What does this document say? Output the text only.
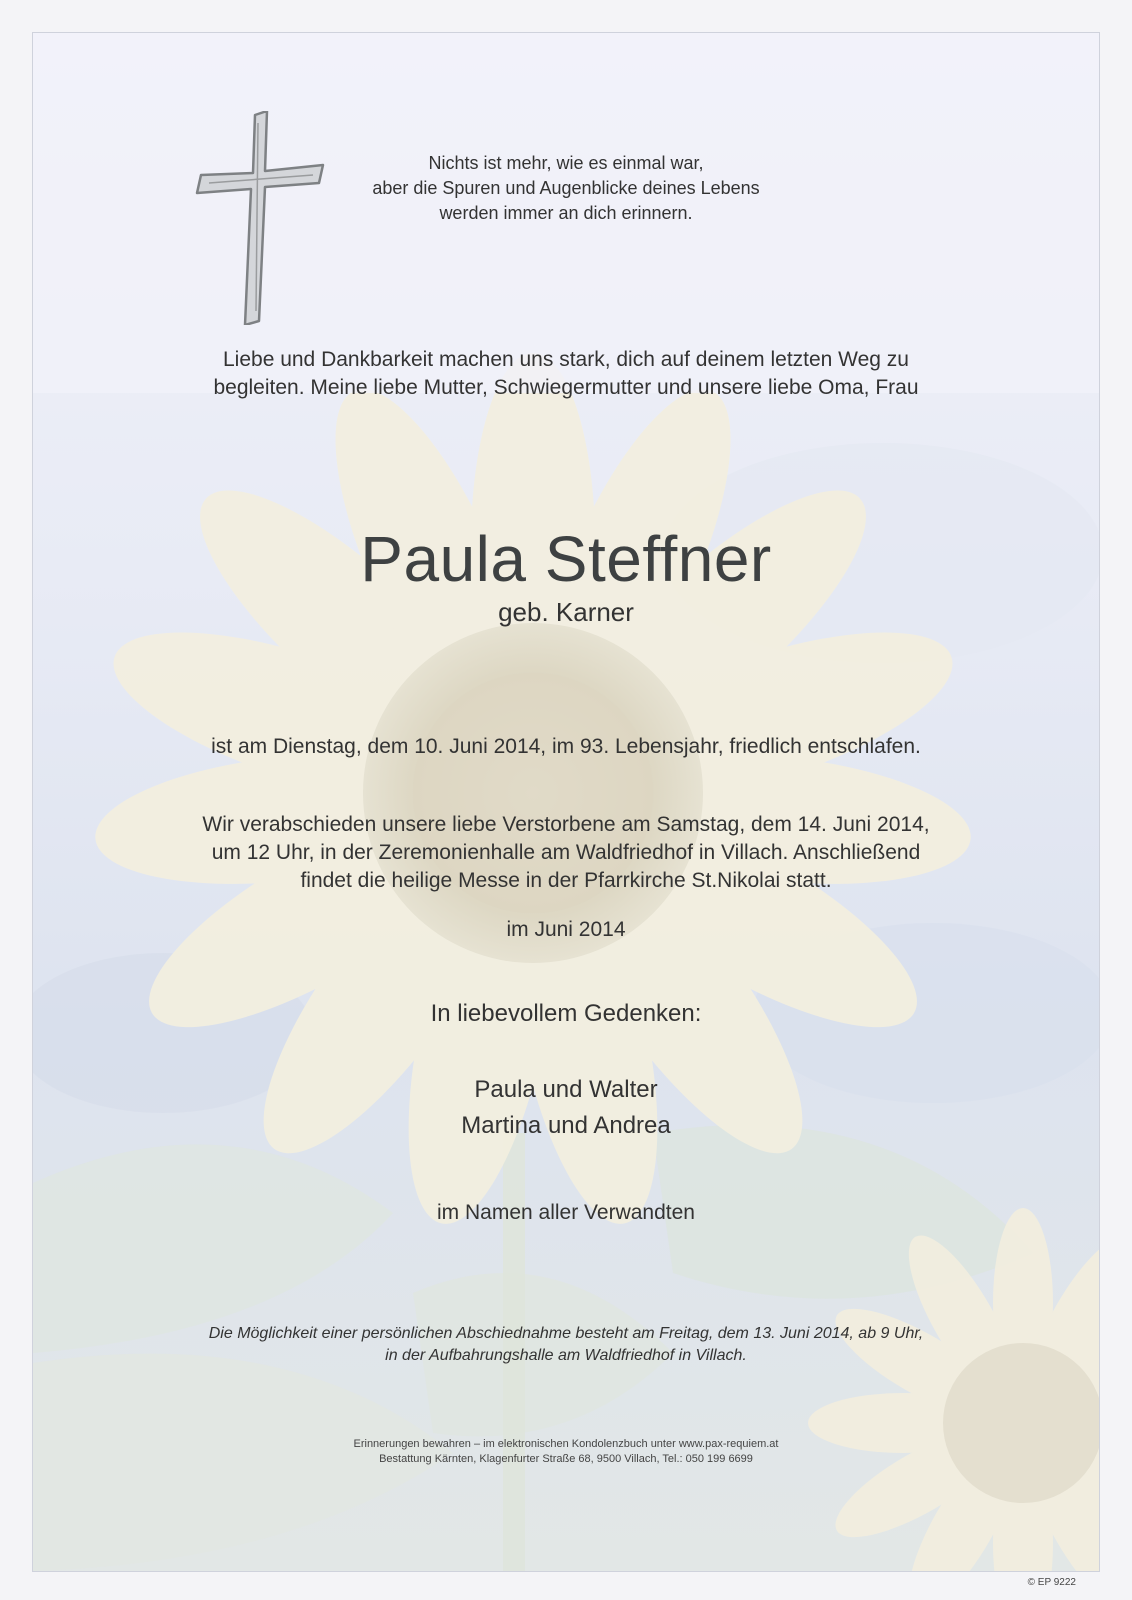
Nichts ist mehr, wie es einmal war,
aber die Spuren und Augenblicke deines Lebens
werden immer an dich erinnern.
Liebe und Dankbarkeit machen uns stark, dich auf deinem letzten Weg zu
begleiten. Meine liebe Mutter, Schwiegermutter und unsere liebe Oma, Frau
Paula Steffner
geb. Karner
ist am Dienstag, dem 10. Juni 2014, im 93. Lebensjahr, friedlich entschlafen.
Wir verabschieden unsere liebe Verstorbene am Samstag, dem 14. Juni 2014,
um 12 Uhr, in der Zeremonienhalle am Waldfriedhof in Villach. Anschließend
findet die heilige Messe in der Pfarrkirche St.Nikolai statt.
im Juni 2014
In liebevollem Gedenken:
Paula und Walter
Martina und Andrea
im Namen aller Verwandten
Die Möglichkeit einer persönlichen Abschiednahme besteht am Freitag, dem 13. Juni 2014, ab 9 Uhr,
in der Aufbahrungshalle am Waldfriedhof in Villach.
Erinnerungen bewahren – im elektronischen Kondolenzbuch unter www.pax-requiem.at
Bestattung Kärnten, Klagenfurter Straße 68, 9500 Villach, Tel.: 050 199 6699
© EP 9222
